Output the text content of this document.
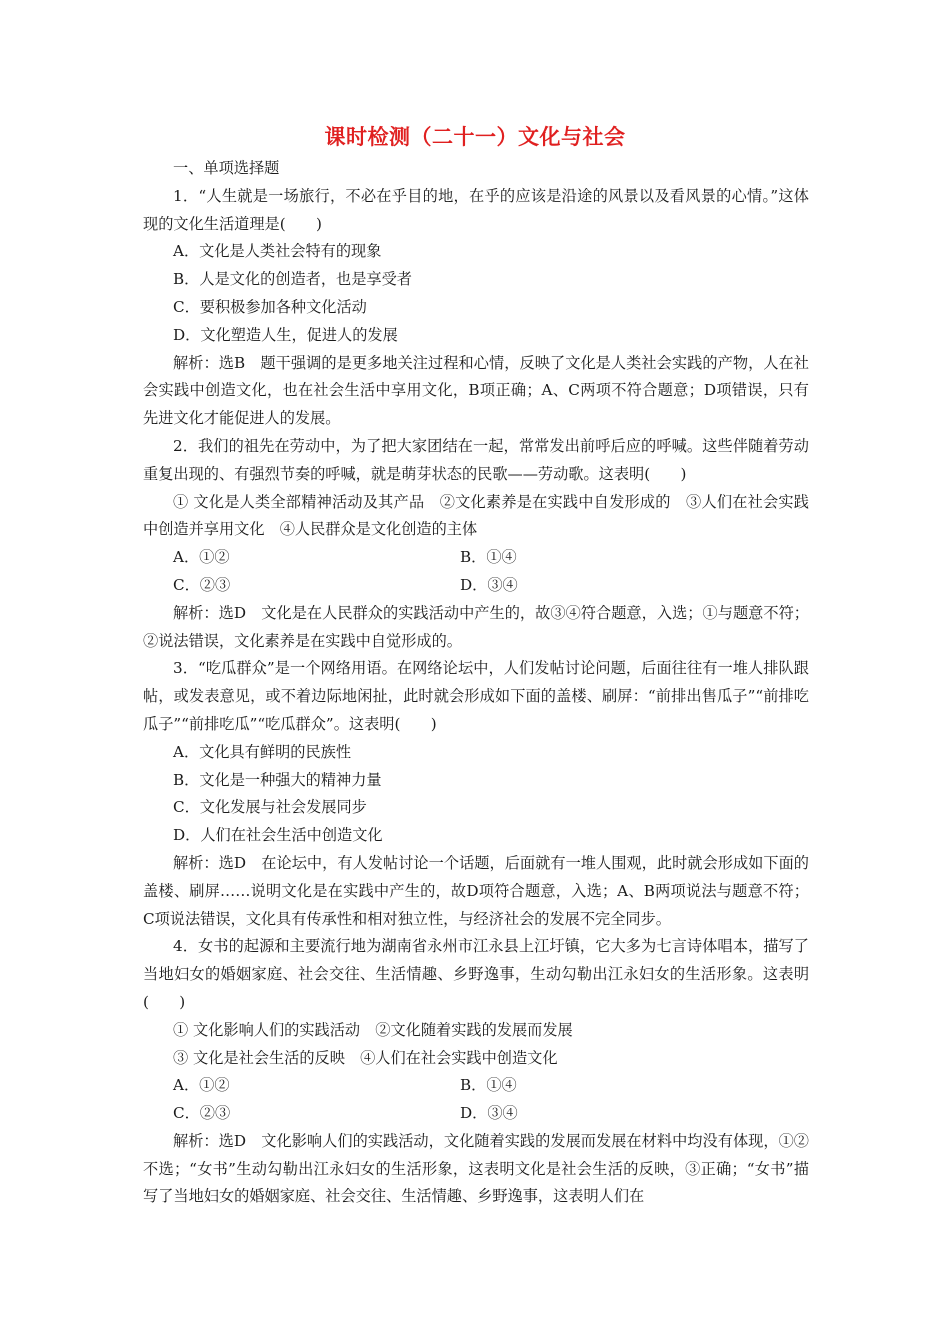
课时检测（二十一）文化与社会

一、单项选择题

1．“人生就是一场旅行，不必在乎目的地，在乎的应该是沿途的风景以及看风景的心情。”这体现的文化生活道理是(　　)

A．文化是人类社会特有的现象

B．人是文化的创造者，也是享受者

C．要积极参加各种文化活动

D．文化塑造人生，促进人的发展

解析：选B　题干强调的是更多地关注过程和心情，反映了文化是人类社会实践的产物，人在社会实践中创造文化，也在社会生活中享用文化，B项正确；A、C两项不符合题意；D项错误，只有先进文化才能促进人的发展。

2．我们的祖先在劳动中，为了把大家团结在一起，常常发出前呼后应的呼喊。这些伴随着劳动重复出现的、有强烈节奏的呼喊，就是萌芽状态的民歌——劳动歌。这表明(　　)

① 文化是人类全部精神活动及其产品　②文化素养是在实践中自发形成的　③人们在社会实践中创造并享用文化　④人民群众是文化创造的主体

A．①②	B．①④
C．②③	D．③④

解析：选D　文化是在人民群众的实践活动中产生的，故③④符合题意，入选；①与题意不符；②说法错误，文化素养是在实践中自觉形成的。

3．“吃瓜群众”是一个网络用语。在网络论坛中，人们发帖讨论问题，后面往往有一堆人排队跟帖，或发表意见，或不着边际地闲扯，此时就会形成如下面的盖楼、刷屏：“前排出售瓜子”“前排吃瓜子”“前排吃瓜”“吃瓜群众”。这表明(　　)

A．文化具有鲜明的民族性

B．文化是一种强大的精神力量

C．文化发展与社会发展同步

D．人们在社会生活中创造文化

解析：选D　在论坛中，有人发帖讨论一个话题，后面就有一堆人围观，此时就会形成如下面的盖楼、刷屏……说明文化是在实践中产生的，故D项符合题意，入选；A、B两项说法与题意不符；C项说法错误，文化具有传承性和相对独立性，与经济社会的发展不完全同步。

4．女书的起源和主要流行地为湖南省永州市江永县上江圩镇，它大多为七言诗体唱本，描写了当地妇女的婚姻家庭、社会交往、生活情趣、乡野逸事，生动勾勒出江永妇女的生活形象。这表明(　　)

① 文化影响人们的实践活动　②文化随着实践的发展而发展

③ 文化是社会生活的反映　④人们在社会实践中创造文化

A．①②	B．①④
C．②③	D．③④

解析：选D　文化影响人们的实践活动，文化随着实践的发展而发展在材料中均没有体现，①②不选；“女书”生动勾勒出江永妇女的生活形象，这表明文化是社会生活的反映，③正确；“女书”描写了当地妇女的婚姻家庭、社会交往、生活情趣、乡野逸事，这表明人们在
